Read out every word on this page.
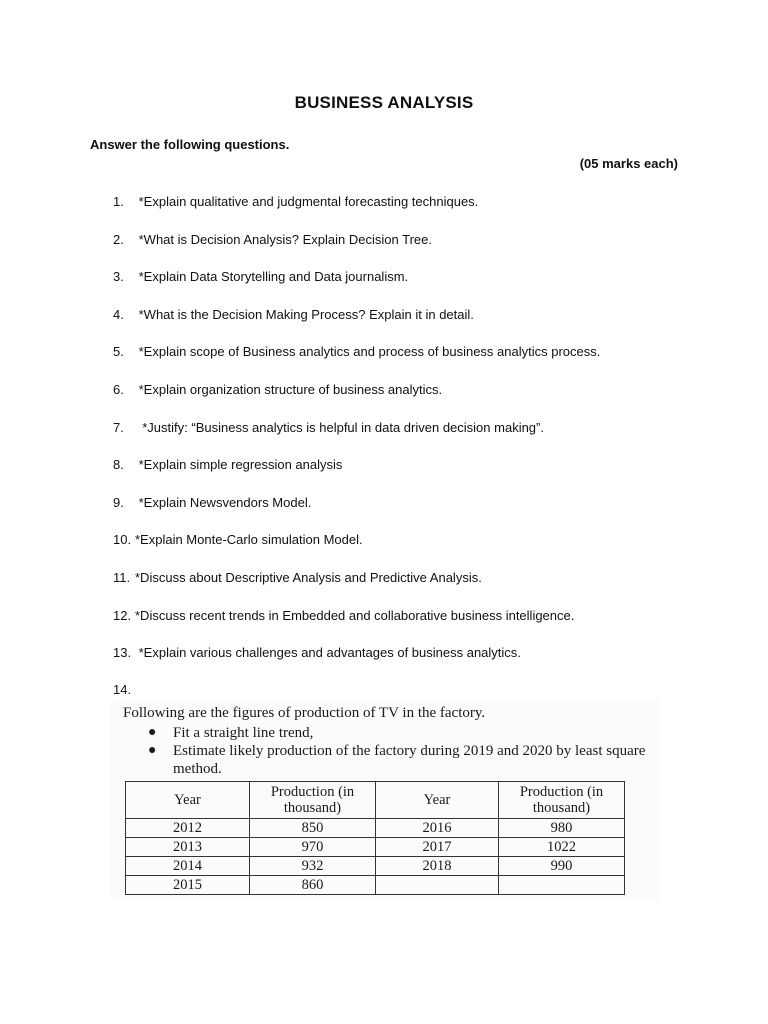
BUSINESS ANALYSIS
Answer the following questions.
(05 marks each)
1. *Explain qualitative and judgmental forecasting techniques.
2. *What is Decision Analysis? Explain Decision Tree.
3. *Explain Data Storytelling and Data journalism.
4. *What is the Decision Making Process? Explain it in detail.
5. *Explain scope of Business analytics and process of business analytics process.
6. *Explain organization structure of business analytics.
7.  *Justify: “Business analytics is helpful in data driven decision making”.
8. *Explain simple regression analysis
9. *Explain Newsvendors Model.
10. *Explain Monte-Carlo simulation Model.
11. *Discuss about Descriptive Analysis and Predictive Analysis.
12. *Discuss recent trends in Embedded and collaborative business intelligence.
13. *Explain various challenges and advantages of business analytics.
14.
Following are the figures of production of TV in the factory.
● Fit a straight line trend,
● Estimate likely production of the factory during 2019 and 2020 by least square method.
Year	Production (in thousand)	Year	Production (in thousand)
2012	850	2016	980
2013	970	2017	1022
2014	932	2018	990
2015	860		
